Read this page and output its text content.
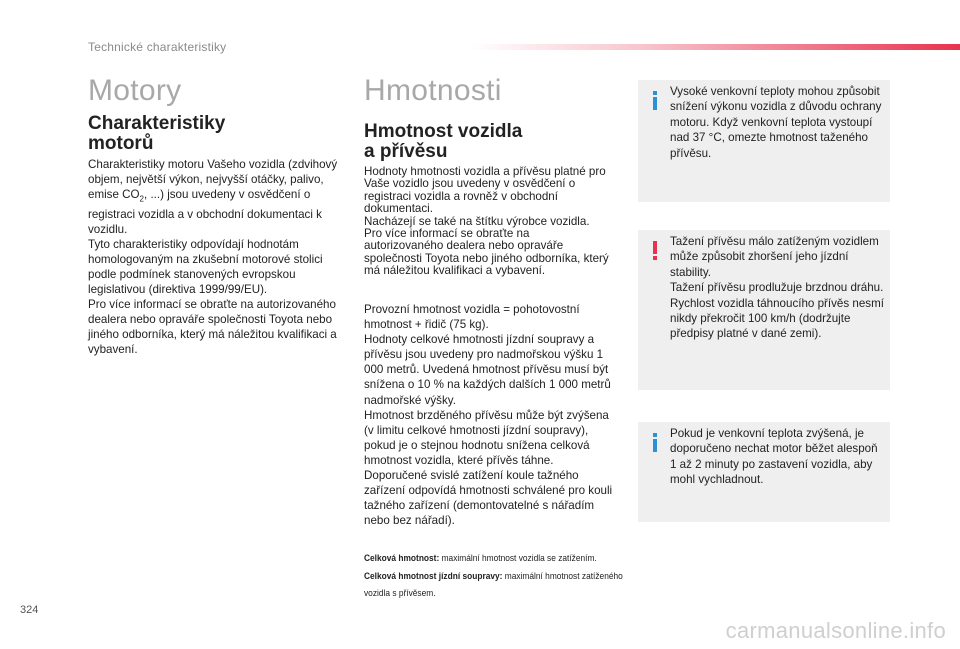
Technické charakteristiky
Motory
Charakteristiky
motorů

Charakteristiky motoru Vašeho vozidla (zdvihový objem, největší výkon, nejvyšší otáčky, palivo, emise $CO_2$, ...) jsou uvedeny v osvědčení o registraci vozidla a v obchodní dokumentaci k vozidlu.

Tyto charakteristiky odpovídají hodnotám homologovaným na zkušební motorové stolici podle podmínek stanovených evropskou legislativou (direktiva 1999/99/EU).

Pro více informací se obraťte na autorizovaného dealera nebo opraváře společnosti Toyota nebo jiného odborníka, který má náležitou kvalifikaci a vybavení.

Hmotnosti
Hmotnost vozidla
a přívěsu

Hodnoty hmotnosti vozidla a přívěsu platné pro Vaše vozidlo jsou uvedeny v osvědčení o registraci vozidla a rovněž v obchodní dokumentaci.

Nacházejí se také na štítku výrobce vozidla.

Pro více informací se obraťte na autorizovaného dealera nebo opraváře společnosti Toyota nebo jiného odborníka, který má náležitou kvalifikaci a vybavení.

Provozní hmotnost vozidla = pohotovostní hmotnost + řidič (75 kg).

Hodnoty celkové hmotnosti jízdní soupravy a přívěsu jsou uvedeny pro nadmořskou výšku 1 000 metrů. Uvedená hmotnost přívěsu musí být snížena o 10 % na každých dalších 1 000 metrů nadmořské výšky.

Hmotnost brzděného přívěsu může být zvýšena (v limitu celkové hmotnosti jízdní soupravy), pokud je o stejnou hodnotu snížena celková hmotnost vozidla, které přívěs táhne.

Doporučené svislé zatížení koule tažného zařízení odpovídá hmotnosti schválené pro kouli tažného zařízení (demontovatelné s nářadím nebo bez nářadí).

Celková hmotnost: maximální hmotnost vozidla se zatížením.
Celková hmotnost jízdní soupravy: maximální hmotnost zatíženého vozidla s přívěsem.

Vysoké venkovní teploty mohou způsobit snížení výkonu vozidla z důvodu ochrany motoru. Když venkovní teplota vystoupí nad 37 °C, omezte hmotnost taženého přívěsu.

Tažení přívěsu málo zatíženým vozidlem může způsobit zhoršení jeho jízdní stability.

Tažení přívěsu prodlužuje brzdnou dráhu.

Rychlost vozidla táhnoucího přívěs nesmí nikdy překročit 100 km/h (dodržujte předpisy platné v dané zemi).

Pokud je venkovní teplota zvýšená, je doporučeno nechat motor běžet alespoň 1 až 2 minuty po zastavení vozidla, aby mohl vychladnout.

324
carmanualsonline.info
